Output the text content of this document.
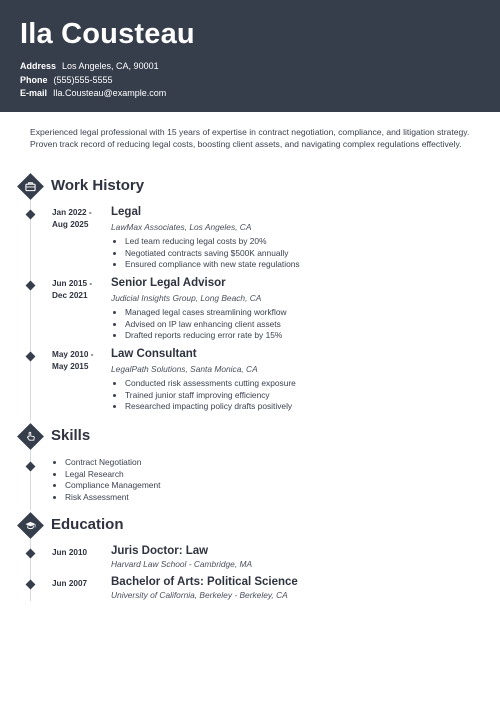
Ila Cousteau
Address Los Angeles, CA, 90001
Phone (555)555-5555
E-mail Ila.Cousteau@example.com
Experienced legal professional with 15 years of expertise in contract negotiation, compliance, and litigation strategy. Proven track record of reducing legal costs, boosting client assets, and navigating complex regulations effectively.
Work History
Jan 2022 -
Aug 2025
Legal
LawMax Associates, Los Angeles, CA
• Led team reducing legal costs by 20%
• Negotiated contracts saving $500K annually
• Ensured compliance with new state regulations
Jun 2015 -
Dec 2021
Senior Legal Advisor
Judicial Insights Group, Long Beach, CA
• Managed legal cases streamlining workflow
• Advised on IP law enhancing client assets
• Drafted reports reducing error rate by 15%
May 2010 -
May 2015
Law Consultant
LegalPath Solutions, Santa Monica, CA
• Conducted risk assessments cutting exposure
• Trained junior staff improving efficiency
• Researched impacting policy drafts positively
Skills
• Contract Negotiation
• Legal Research
• Compliance Management
• Risk Assessment
Education
Jun 2010 Juris Doctor: Law
Harvard Law School - Cambridge, MA
Jun 2007 Bachelor of Arts: Political Science
University of California, Berkeley - Berkeley, CA
